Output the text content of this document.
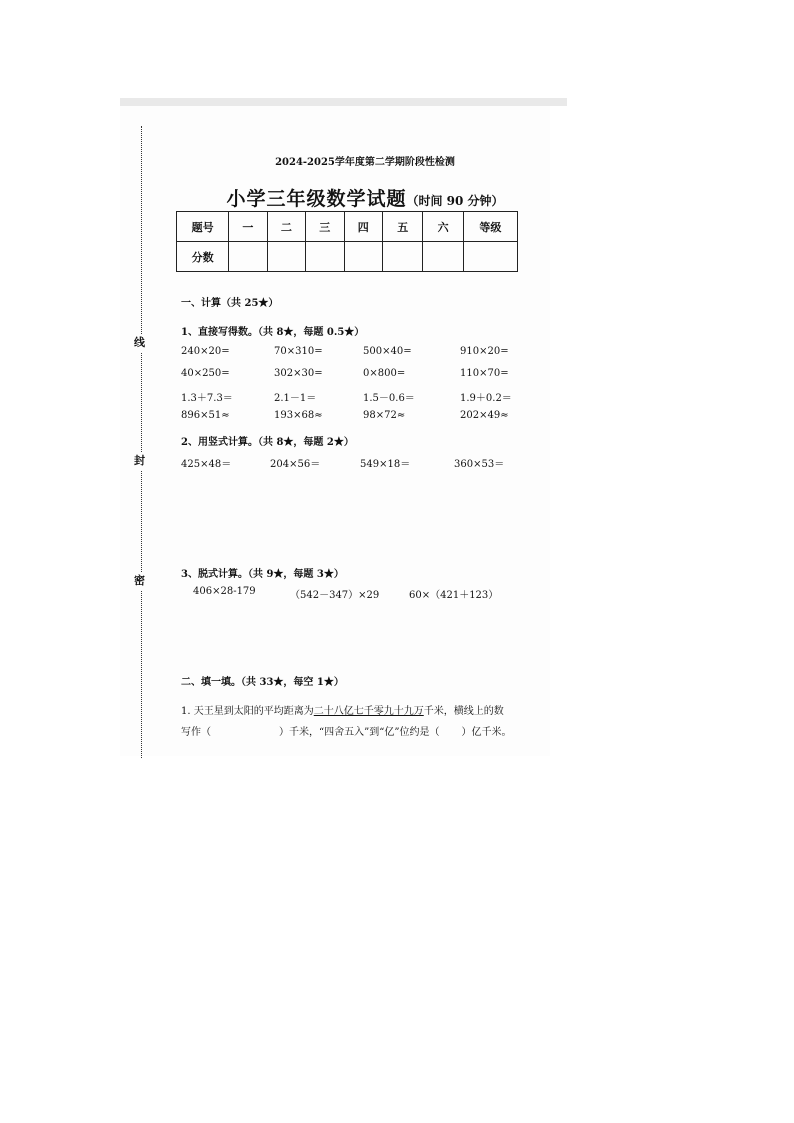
线
封
密
2024-2025学年度第二学期阶段性检测
小学三年级数学试题（时间 90 分钟）
题号	一	二	三	四	五	六	等级
分数							
一、计算（共 25★）
1、直接写得数。（共 8★，每题 0.5★）
240×20=	70×310=	500×40=	910×20=
40×250=	302×30=	0×800=	110×70=
1.3＋7.3＝	2.1－1＝	1.5－0.6＝	1.9＋0.2＝
896×51≈	193×68≈	98×72≈	202×49≈
2、用竖式计算。（共 8★，每题 2★）
425×48＝	204×56＝	549×18＝	360×53＝
3、脱式计算。（共 9★，每题 3★）
406×28-179	（542－347）×29	60×（421＋123）
二、填一填。（共 33★，每空 1★）
1. 天王星到太阳的平均距离为二十八亿七千零九十九万千米，横线上的数
写作（	）千米，“四舍五入”到“亿”位约是（ ）亿千米。
